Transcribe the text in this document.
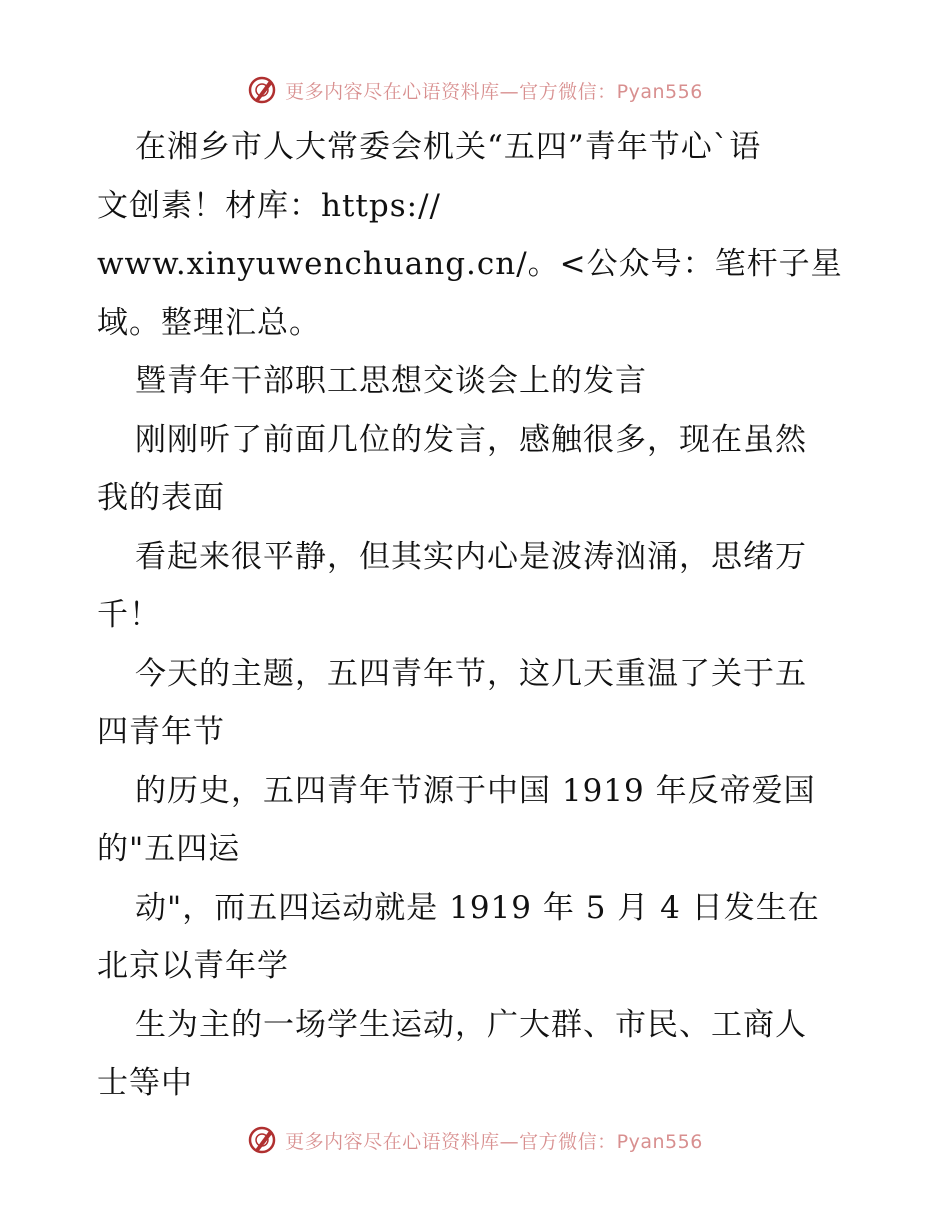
更多内容尽在心语资料库—官方微信：Pyan556
在湘乡市人大常委会机关“五四”青年节心`语
文创素！材库：https://
www.xinyuwenchuang.cn/。<公众号：笔杆子星
域。整理汇总。
暨青年干部职工思想交谈会上的发言
刚刚听了前面几位的发言，感触很多，现在虽然
我的表面
看起来很平静，但其实内心是波涛汹涌，思绪万
千！
今天的主题，五四青年节，这几天重温了关于五
四青年节
的历史，五四青年节源于中国 1919 年反帝爱国
的"五四运
动"，而五四运动就是 1919 年 5 月 4 日发生在
北京以青年学
生为主的一场学生运动，广大群、市民、工商人
士等中
更多内容尽在心语资料库—官方微信：Pyan556
